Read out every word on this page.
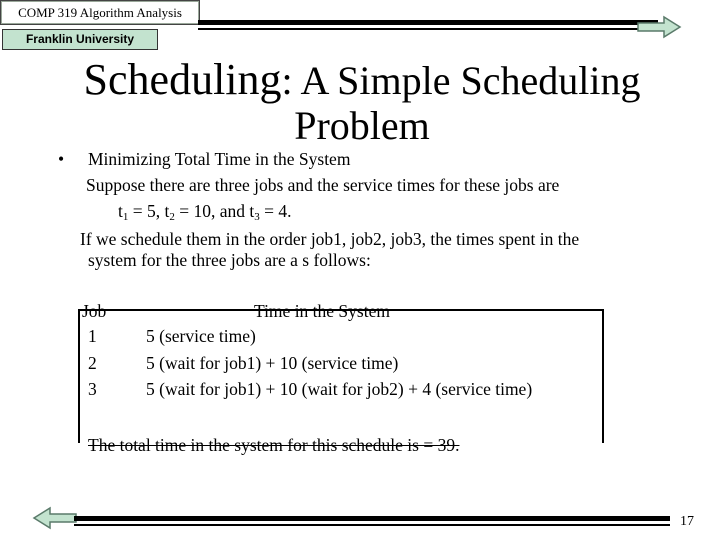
COMP 319 Algorithm Analysis
Franklin University
Scheduling: A Simple Scheduling Problem
• Minimizing Total Time in the System
Suppose there are three jobs and the service times for these jobs are
$t_1 = 5$, $t_2 = 10$, and $t_3 = 4$.
If we schedule them in the order job1, job2, job3, the times spent in the
system for the three jobs are a s follows:
Job	Time in the System
1	5 (service time)
2	5 (wait for job1) + 10 (service time)
3	5 (wait for job1) + 10 (wait for job2) + 4 (service time)
The total time in the system for this schedule is = 39.
17
